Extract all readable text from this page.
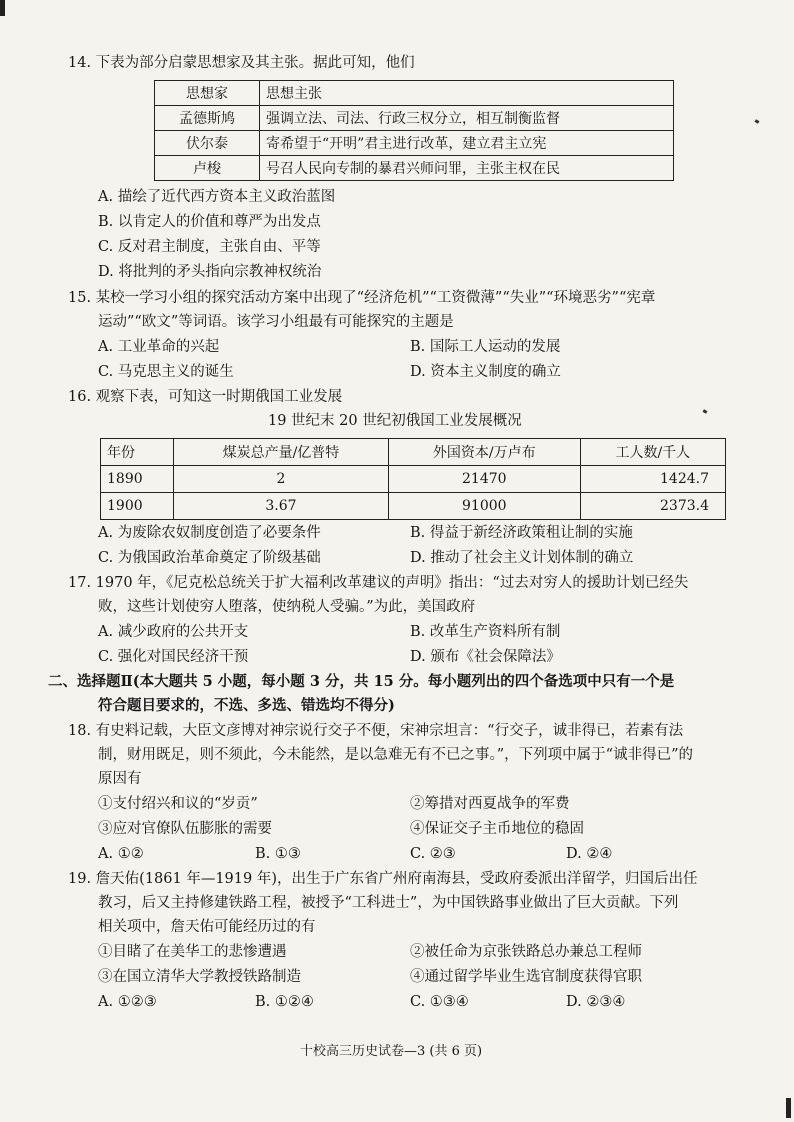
14. 下表为部分启蒙思想家及其主张。据此可知，他们
思想家	思想主张
孟德斯鸠	强调立法、司法、行政三权分立，相互制衡监督
伏尔泰	寄希望于“开明”君主进行改革，建立君主立宪
卢梭	号召人民向专制的暴君兴师问罪，主张主权在民
A. 描绘了近代西方资本主义政治蓝图
B. 以肯定人的价值和尊严为出发点
C. 反对君主制度，主张自由、平等
D. 将批判的矛头指向宗教神权统治
15. 某校一学习小组的探究活动方案中出现了“经济危机”“工资微薄”“失业”“环境恶劣”“宪章
运动”“欧文”等词语。该学习小组最有可能探究的主题是
A. 工业革命的兴起	B. 国际工人运动的发展
C. 马克思主义的诞生	D. 资本主义制度的确立
16. 观察下表，可知这一时期俄国工业发展
19 世纪末 20 世纪初俄国工业发展概况
年份	煤炭总产量/亿普特	外国资本/万卢布	工人数/千人
1890	2	21470	1424.7
1900	3.67	91000	2373.4
A. 为废除农奴制度创造了必要条件	B. 得益于新经济政策租让制的实施
C. 为俄国政治革命奠定了阶级基础	D. 推动了社会主义计划体制的确立
17. 1970 年，《尼克松总统关于扩大福利改革建议的声明》指出：“过去对穷人的援助计划已经失
败，这些计划使穷人堕落，使纳税人受骗。”为此，美国政府
A. 减少政府的公共开支	B. 改革生产资料所有制
C. 强化对国民经济干预	D. 颁布《社会保障法》
二、选择题Ⅱ(本大题共 5 小题，每小题 3 分，共 15 分。每小题列出的四个备选项中只有一个是
符合题目要求的，不选、多选、错选均不得分)
18. 有史料记载，大臣文彦博对神宗说行交子不便，宋神宗坦言：“行交子，诚非得已，若素有法
制，财用既足，则不须此，今未能然，是以急难无有不已之事。”，下列项中属于“诚非得已”的
原因有
①支付绍兴和议的“岁贡”	②筹措对西夏战争的军费
③应对官僚队伍膨胀的需要	④保证交子主币地位的稳固
A. ①②	B. ①③	C. ②③	D. ②④
19. 詹天佑(1861 年—1919 年)，出生于广东省广州府南海县，受政府委派出洋留学，归国后出任
教习，后又主持修建铁路工程，被授予“工科进士”，为中国铁路事业做出了巨大贡献。下列
相关项中，詹天佑可能经历过的有
①目睹了在美华工的悲惨遭遇	②被任命为京张铁路总办兼总工程师
③在国立清华大学教授铁路制造	④通过留学毕业生选官制度获得官职
A. ①②③	B. ①②④	C. ①③④	D. ②③④
十校高三历史试卷—3 (共 6 页)
